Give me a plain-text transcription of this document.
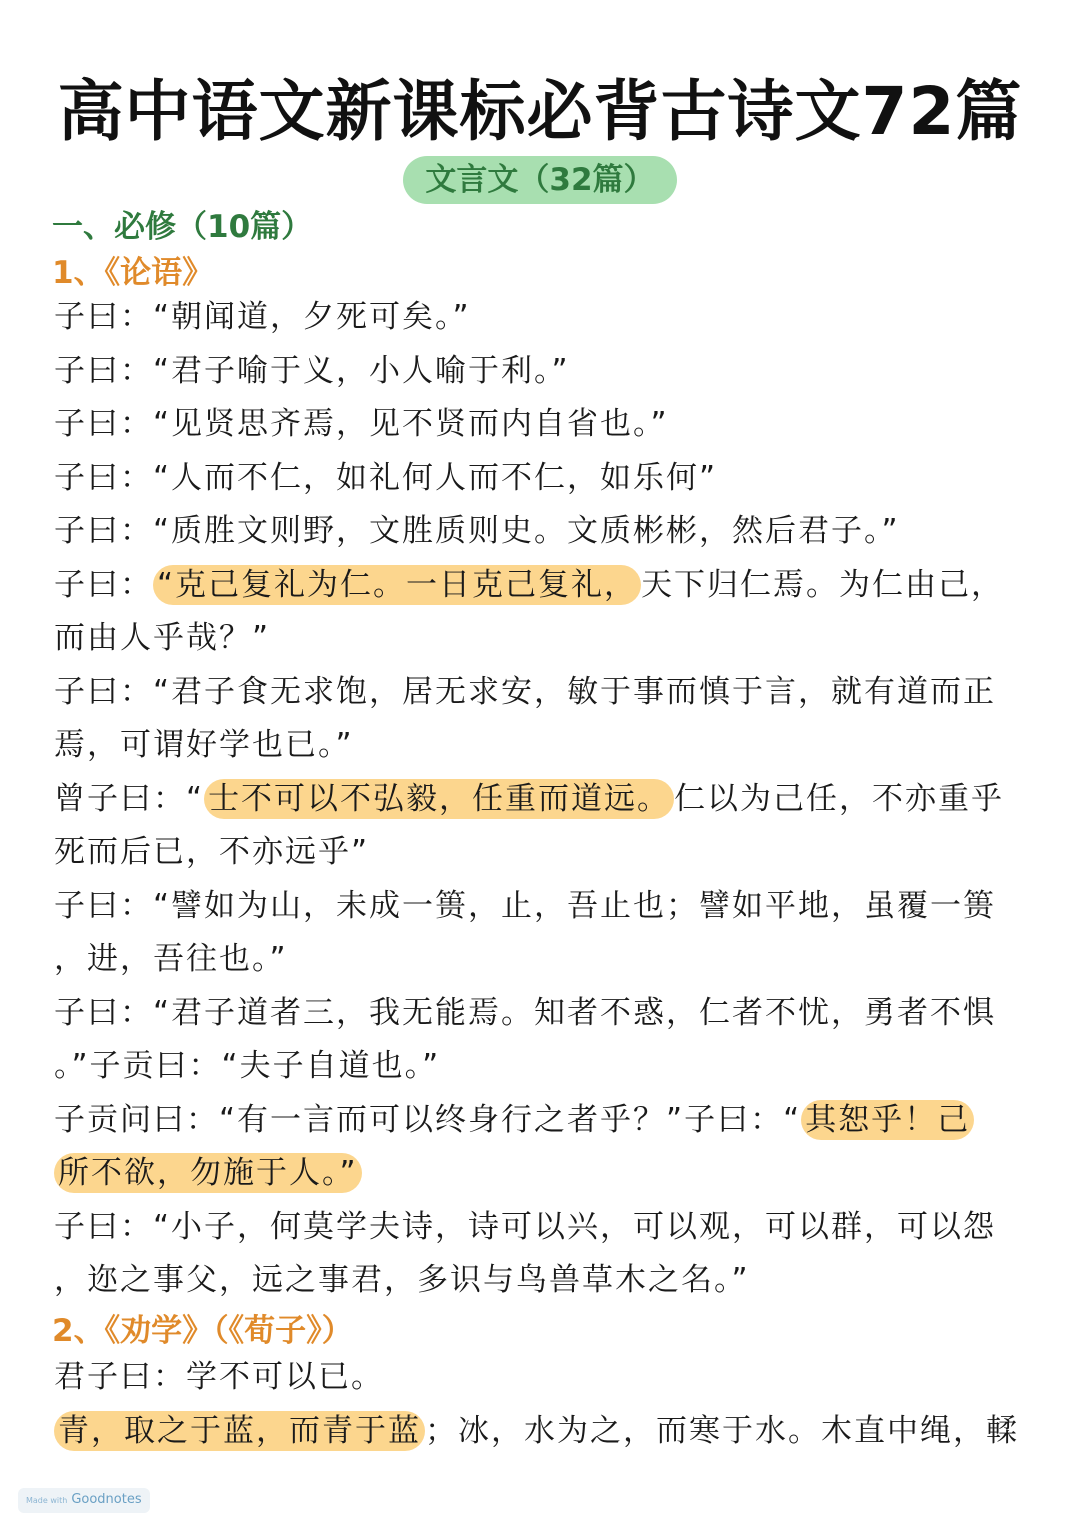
高中语文新课标必背古诗文72篇
文言文（32篇）
一、必修（10篇）
1、《论语》
子曰：“朝闻道，夕死可矣。”
子曰：“君子喻于义，小人喻于利。”
子曰：“见贤思齐焉，见不贤而内自省也。”
子曰：“人而不仁，如礼何人而不仁，如乐何”
子曰：“质胜文则野，文胜质则史。文质彬彬，然后君子。”
子曰： “克己复礼为仁。一日克己复礼， 天下归仁焉。为仁由己，
而由人乎哉？”
子曰：“君子食无求饱，居无求安，敏于事而慎于言，就有道而正
焉，可谓好学也已。”
曾子曰：“ 士不可以不弘毅，任重而道远。 仁以为己任，不亦重乎
死而后已，不亦远乎”
子曰：“譬如为山，未成一篑，止，吾止也；譬如平地，虽覆一篑
，进，吾往也。”
子曰：“君子道者三，我无能焉。知者不惑，仁者不忧，勇者不惧
。”子贡曰：“夫子自道也。”
子贡问曰：“有一言而可以终身行之者乎？”子曰：“ 其恕乎！己
所不欲，勿施于人。”
子曰：“小子，何莫学夫诗，诗可以兴，可以观，可以群，可以怨
，迩之事父，远之事君，多识与鸟兽草木之名。”
2、《劝学》（《荀子》）
君子曰：学不可以已。
青，取之于蓝，而青于蓝 ；冰，水为之，而寒于水。木直中绳，輮
Made with Goodnotes
